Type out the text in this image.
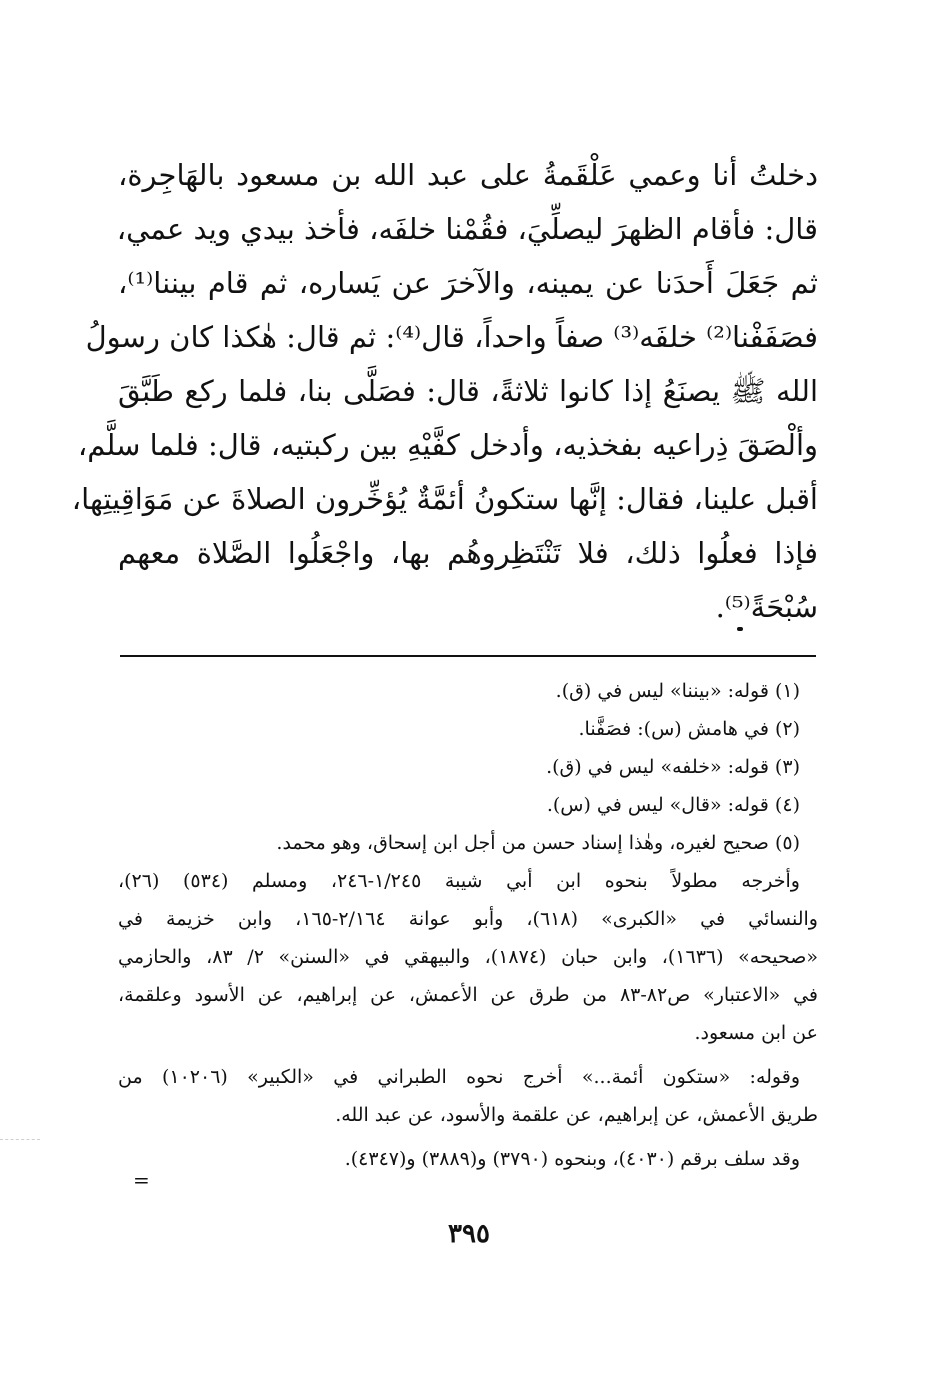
دخلتُ أنا وعمي عَلْقَمةُ على عبد الله بن مسعود بالهَاجِرة،
قال: فأقام الظهرَ ليصلِّيَ، فقُمْنا خلفَه، فأخذ بيدي ويد عمي،
ثم جَعَلَ أَحدَنا عن يمينه، والآخرَ عن يَساره، ثم قام بيننا⁽¹⁾،
فصَفَفْنا⁽²⁾ خلفَه⁽³⁾ صفاً واحداً، قال⁽⁴⁾: ثم قال: هٰكذا كان رسولُ
الله ﷺ يصنَعُ إذا كانوا ثلاثةً، قال: فصَلَّى بنا، فلما ركع طَبَّقَ
وألْصَقَ ذِراعيه بفخذيه، وأدخل كفَّيْهِ بين ركبتيه، قال: فلما سلَّم،
أقبل علينا، فقال: إنَّها ستكونُ أئمَّةٌ يُؤخِّرون الصلاةَ عن مَوَاقِيتِها،
فإذا فعلُوا ذلك، فلا تَنْتَظِروهُم بها، واجْعَلُوا الصَّلاة معهم
سُبْحَةً⁽⁵⁾.
(١) قوله: «بيننا» ليس في (ق).
(٢) في هامش (س): فصَفَّنا.
(٣) قوله: «خلفه» ليس في (ق).
(٤) قوله: «قال» ليس في (س).
(٥) صحيح لغيره، وهٰذا إسناد حسن من أجل ابن إسحاق، وهو محمد.
وأخرجه مطولاً بنحوه ابن أبي شيبة ١/٢٤٥-٢٤٦، ومسلم (٥٣٤) (٢٦)،
والنسائي في «الكبرى» (٦١٨)، وأبو عوانة ٢/١٦٤-١٦٥، وابن خزيمة في
«صحيحه» (١٦٣٦)، وابن حبان (١٨٧٤)، والبيهقي في «السنن» ٢/ ٨٣، والحازمي
في «الاعتبار» ص٨٢-٨٣ من طرق عن الأعمش، عن إبراهيم، عن الأسود وعلقمة،
عن ابن مسعود.
وقوله: «ستكون أئمة...» أخرج نحوه الطبراني في «الكبير» (١٠٢٠٦) من
طريق الأعمش، عن إبراهيم، عن علقمة والأسود، عن عبد الله.
وقد سلف برقم (٤٠٣٠)، وبنحوه (٣٧٩٠) و(٣٨٨٩) و(٤٣٤٧).
=
٣٩٥
